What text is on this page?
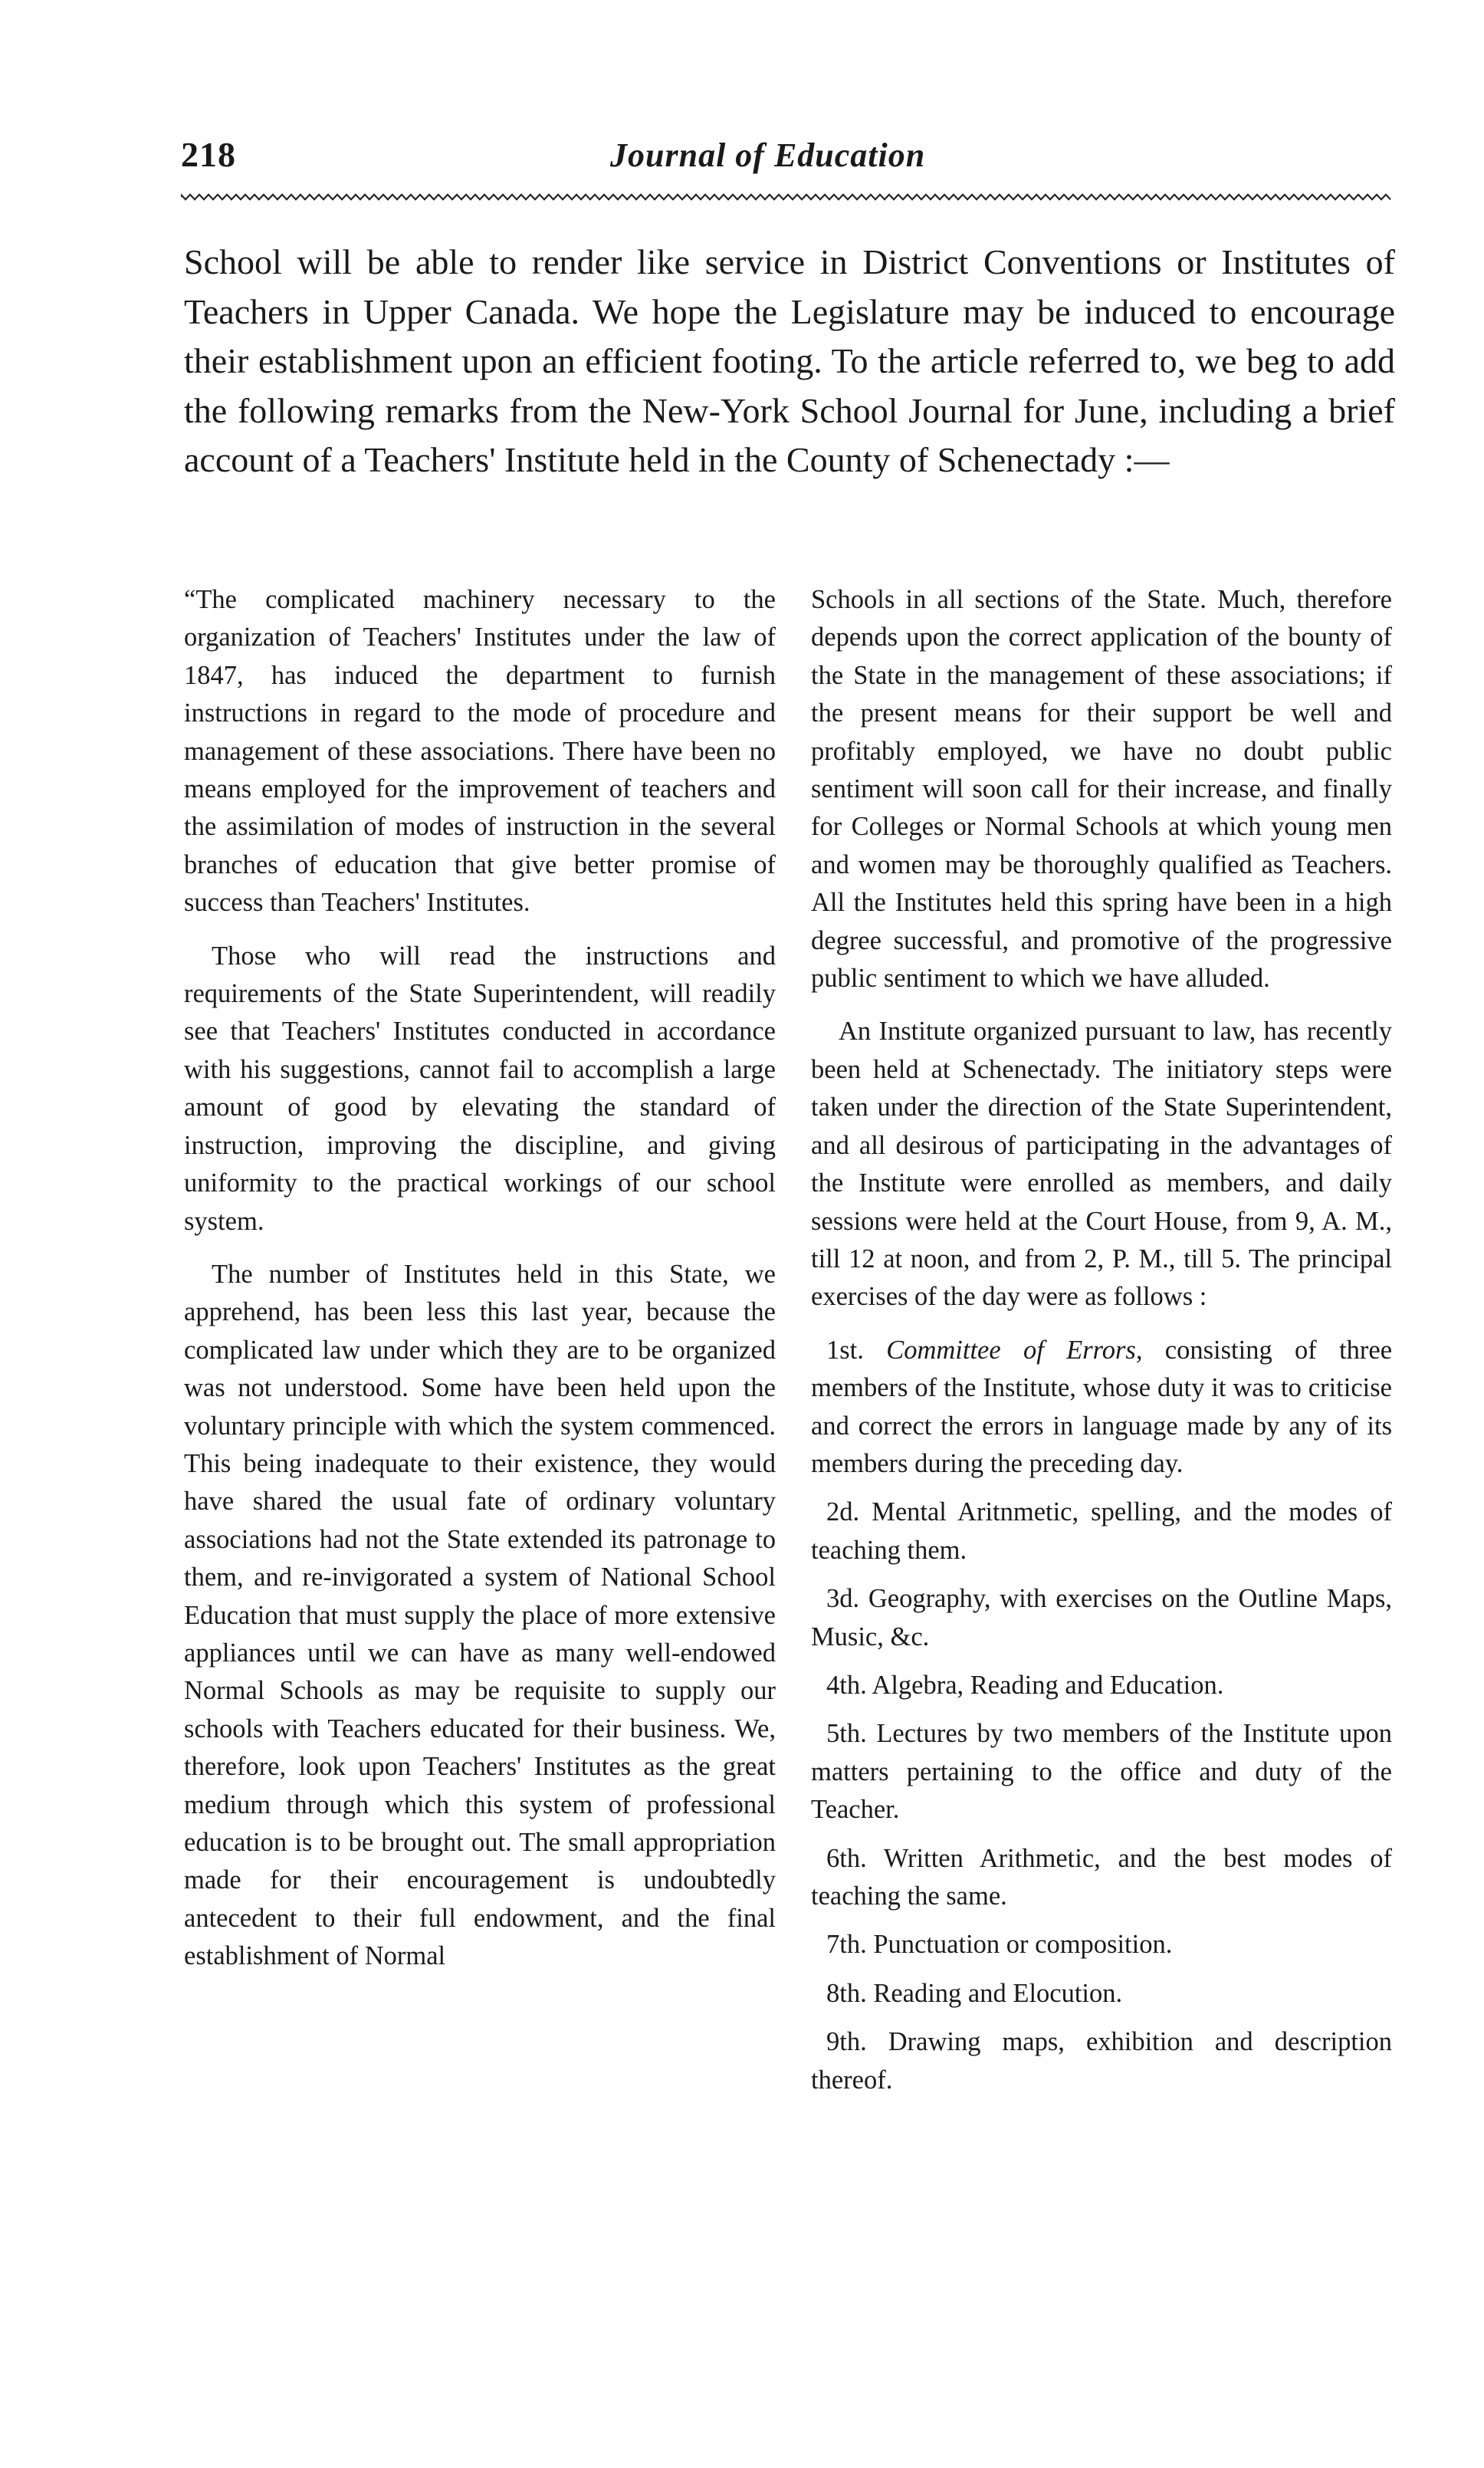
218	Journal of Education

School will be able to render like service in District Conventions or Institutes of Teachers in Upper Canada. We hope the Legislature may be induced to encourage their establishment upon an efficient footing. To the article referred to, we beg to add the following remarks from the New-York School Journal for June, including a brief account of a Teachers' Institute held in the County of Schenectady :—

“The complicated machinery necessary to the organization of Teachers' Institutes under the law of 1847, has induced the department to furnish instructions in regard to the mode of procedure and management of these associations. There have been no means employed for the improvement of teachers and the assimilation of modes of instruction in the several branches of education that give better promise of success than Teachers' Institutes.

Those who will read the instructions and requirements of the State Superintendent, will readily see that Teachers' Institutes conducted in accordance with his suggestions, cannot fail to accomplish a large amount of good by elevating the standard of instruction, improving the discipline, and giving uniformity to the practical workings of our school system.

The number of Institutes held in this State, we apprehend, has been less this last year, because the complicated law under which they are to be organized was not understood. Some have been held upon the voluntary principle with which the system commenced. This being inadequate to their existence, they would have shared the usual fate of ordinary voluntary associations had not the State extended its patronage to them, and re-invigorated a system of National School Education that must supply the place of more extensive appliances until we can have as many well-endowed Normal Schools as may be requisite to supply our schools with Teachers educated for their business. We, therefore, look upon Teachers' Institutes as the great medium through which this system of professional education is to be brought out. The small appropriation made for their encouragement is undoubtedly antecedent to their full endowment, and the final establishment of Normal

Schools in all sections of the State. Much, therefore depends upon the correct application of the bounty of the State in the management of these associations; if the present means for their support be well and profitably employed, we have no doubt public sentiment will soon call for their increase, and finally for Colleges or Normal Schools at which young men and women may be thoroughly qualified as Teachers. All the Institutes held this spring have been in a high degree successful, and promotive of the progressive public sentiment to which we have alluded.

An Institute organized pursuant to law, has recently been held at Schenectady. The initiatory steps were taken under the direction of the State Superintendent, and all desirous of participating in the advantages of the Institute were enrolled as members, and daily sessions were held at the Court House, from 9, A. M., till 12 at noon, and from 2, P. M., till 5. The principal exercises of the day were as follows :

1st. Committee of Errors, consisting of three members of the Institute, whose duty it was to criticise and correct the errors in language made by any of its members during the preceding day.

2d. Mental Aritnmetic, spelling, and the modes of teaching them.

3d. Geography, with exercises on the Outline Maps, Music, &c.

4th. Algebra, Reading and Education.

5th. Lectures by two members of the Institute upon matters pertaining to the office and duty of the Teacher.

6th. Written Arithmetic, and the best modes of teaching the same.

7th. Punctuation or composition.

8th. Reading and Elocution.

9th. Drawing maps, exhibition and description thereof.
